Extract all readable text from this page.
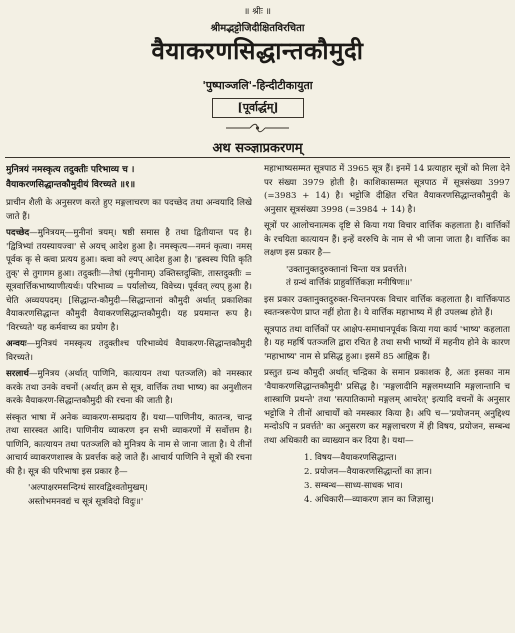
॥ श्रीः ॥
श्रीमद्भट्टोजिदीक्षितविरचिता
वैयाकरणसिद्धान्तकौमुदी
'पुष्पाञ्जलि'-हिन्दीटीकायुता
[पूर्वार्द्धम्]
अथ सञ्ज्ञाप्रकरणम्
मुनित्रयं नमस्कृत्य तदुक्तीः परिभाव्य च ।
वैयाकरणसिद्धान्तकौमुदीयं विरच्यते ॥१॥

प्राचीन शैली के अनुसरण करते हुए मङ्गलाचरण का पदच्छेद तथा अन्वयादि लिखे जाते हैं।

पदच्छेद—मुनित्रयम्—मुनीनां त्रयम्। षष्ठी समास है तथा द्वितीयान्त पद है। 'द्वित्रिभ्यां तयस्यायज्वा' से अयच् आदेश हुआ है। नमस्कृत्य—नमनं कृत्वा। नमस् पूर्वक कृ से क्त्वा प्रत्यय हुआ। क्त्वा को ल्यप् आदेश हुआ है। 'ह्रस्वस्य पिति कृति तुक्' से तुगागम हुआ। तदुक्तीः—तेषां (मुनीनाम्) उक्तिस्तदुक्तिः, तास्तदुक्तीः = सूत्रवार्त्तिकभाष्याणीत्यर्थः। परिभाव्य = पर्यालोच्य, विवेच्य। पूर्ववत् ल्यप् हुआ है। चेति अव्ययपदम्। [सिद्धान्त-कौमुदी—सिद्धान्तानां कौमुदी अर्थात् प्रकाशिका वैयाकरणसिद्धान्त कौमुदी वैयाकरणसिद्धान्तकौमुदी। यह प्रयमान्त रूप है। 'विरच्यते' यह कर्मवाच्य का प्रयोग है।

अन्वयः—मुनित्रयं नमस्कृत्य तदुक्तीश्च परिभाव्येयं वैयाकरण-सिद्धान्तकौमुदी विरच्यते।

सरलार्थ—मुनित्रय (अर्थात् पाणिनि, कात्यायन तथा पतञ्जलि) को नमस्कार करके तथा उनके वचनों (अर्थात् क्रम से सूत्र, वार्त्तिक तथा भाष्य) का अनुशीलन करके वैयाकरण-सिद्धान्तकौमुदी की रचना की जाती है।

संस्कृत भाषा में अनेक व्याकरण-सम्प्रदाय हैं। यथा—पाणिनीय, कातन्त्र, चान्द्र तथा सारस्वत आदि। पाणिनीय व्याकरण इन सभी व्याकरणों में सर्वोत्तम है। पाणिनि, कात्यायन तथा पतञ्जलि को मुनित्रय के नाम से जाना जाता है। ये तीनों आचार्य व्याकरणशास्त्र के प्रवर्त्तक कहे जाते हैं। आचार्य पाणिनि ने सूत्रों की रचना की है। सूत्र की परिभाषा इस प्रकार है—

'अल्पाक्षरमसन्दिग्धं सारवद्विश्वतोमुखम्।
अस्तोभमनवद्यं च सूत्रं सूत्रविदो विदुः॥'

महाभाष्यसम्मत सूत्रपाठ में 3965 सूत्र हैं। इनमें 14 प्रत्याहार सूत्रों को मिला देने पर संख्या 3979 होती है। काशिकासम्मत सूत्रपाठ में सूत्रसंख्या 3997 (=3983 + 14) है। भट्टोजि दीक्षित रचित वैयाकरणसिद्धान्तकौमुदी के अनुसार सूत्रसंख्या 3998 (=3984 + 14) है।

सूत्रों पर आलोचनात्मक दृष्टि से किया गया विचार वार्त्तिक कहलाता है। वार्त्तिकों के रचयिता कात्यायन हैं। इन्हें वररुचि के नाम से भी जाना जाता है। वार्त्तिक का लक्षण इस प्रकार है—

'उक्तानुक्तदुरुक्तानां चिन्ता यत्र प्रवर्त्तते।
तं ग्रन्थं वार्त्तिकं प्राहुर्वार्त्तिकज्ञा मनीषिणः॥'

इस प्रकार उक्तानुक्तदुरुक्त-चिन्तनपरक विचार वार्त्तिक कहलाता है। वार्त्तिकपाठ स्वतन्त्ररूपेण प्राप्त नहीं होता है। ये वार्त्तिक महाभाष्य में ही उपलब्ध होते हैं।

सूत्रपाठ तथा वार्त्तिकों पर आक्षेप-समाधानपूर्वक किया गया कार्य 'भाष्य' कहलाता है। यह महर्षि पतञ्जलि द्वारा रचित है तथा सभी भाष्यों में महनीय होने के कारण 'महाभाष्य' नाम से प्रसिद्ध हुआ। इसमें 85 आह्निक हैं।

प्रस्तुत ग्रन्थ कौमुदी अर्थात् चन्द्रिका के समान प्रकाशक है, अतः इसका नाम 'वैयाकरणसिद्धान्तकौमुदी' प्रसिद्ध है। 'मङ्गलादीनि मङ्गलमध्यानि मङ्गलान्तानि च शास्त्राणि प्रथन्ते' तथा 'सत्पातिकामो मङ्गलम् आचरेत्' इत्यादि वचनों के अनुसार भट्टोजि ने तीनों आचार्यों को नमस्कार किया है। अपि च—'प्रयोजनम् अनुद्दिश्य मन्दोऽपि न प्रवर्त्तते' का अनुसरण कर मङ्गलाचरण में ही विषय, प्रयोजन, सम्बन्ध तथा अधिकारी का व्याख्यान कर दिया है। यथा—

1. विषय—वैयाकरणसिद्धान्त।
2. प्रयोजन—वैयाकरणसिद्धान्तों का ज्ञान।
3. सम्बन्ध—साध्य-साधक भाव।
4. अधिकारी—व्याकरण ज्ञान का जिज्ञासु।
